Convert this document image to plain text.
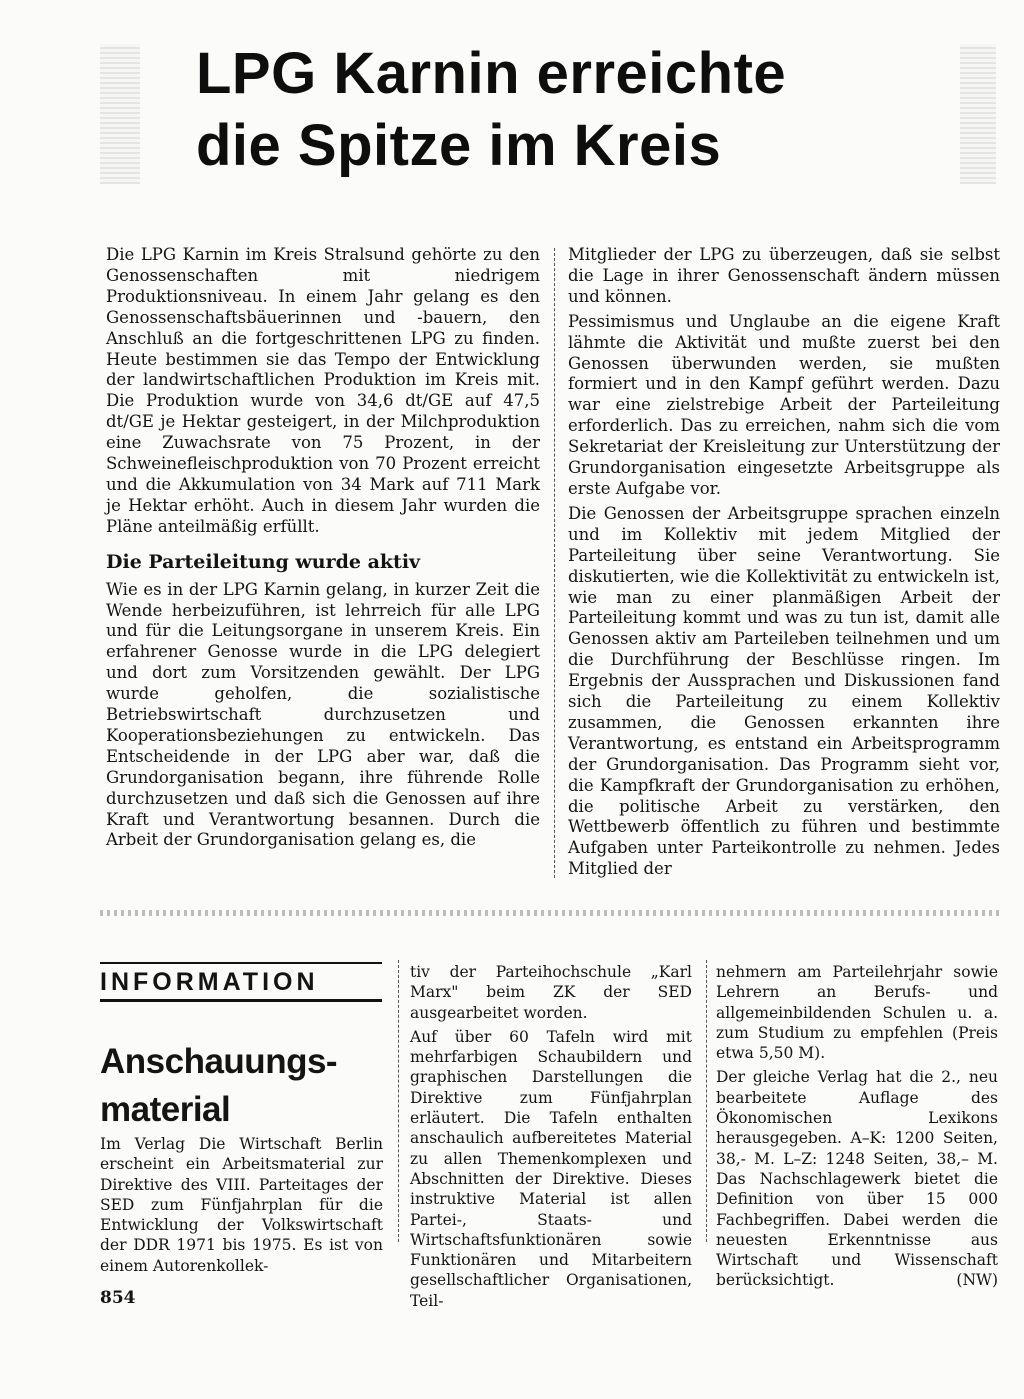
LPG Karnin erreichte
die Spitze im Kreis

Die LPG Karnin im Kreis Stralsund gehörte zu den Genossenschaften mit niedrigem Produktionsniveau. In einem Jahr gelang es den Genossenschaftsbäuerinnen und -bauern, den Anschluß an die fortgeschrittenen LPG zu finden. Heute bestimmen sie das Tempo der Entwicklung der landwirtschaftlichen Produktion im Kreis mit. Die Produktion wurde von 34,6 dt/GE auf 47,5 dt/GE je Hektar gesteigert, in der Milchproduktion eine Zuwachsrate von 75 Prozent, in der Schweinefleischproduktion von 70 Prozent erreicht und die Akkumulation von 34 Mark auf 711 Mark je Hektar erhöht. Auch in diesem Jahr wurden die Pläne anteilmäßig erfüllt.

Die Parteileitung wurde aktiv

Wie es in der LPG Karnin gelang, in kurzer Zeit die Wende herbeizuführen, ist lehrreich für alle LPG und für die Leitungsorgane in unserem Kreis. Ein erfahrener Genosse wurde in die LPG delegiert und dort zum Vorsitzenden gewählt. Der LPG wurde geholfen, die sozialistische Betriebswirtschaft durchzusetzen und Kooperationsbeziehungen zu entwickeln. Das Entscheidende in der LPG aber war, daß die Grundorganisation begann, ihre führende Rolle durchzusetzen und daß sich die Genossen auf ihre Kraft und Verantwortung besannen. Durch die Arbeit der Grundorganisation gelang es, die

Mitglieder der LPG zu überzeugen, daß sie selbst die Lage in ihrer Genossenschaft ändern müssen und können.

Pessimismus und Unglaube an die eigene Kraft lähmte die Aktivität und mußte zuerst bei den Genossen überwunden werden, sie mußten formiert und in den Kampf geführt werden. Dazu war eine zielstrebige Arbeit der Parteileitung erforderlich. Das zu erreichen, nahm sich die vom Sekretariat der Kreisleitung zur Unterstützung der Grundorganisation eingesetzte Arbeitsgruppe als erste Aufgabe vor.

Die Genossen der Arbeitsgruppe sprachen einzeln und im Kollektiv mit jedem Mitglied der Parteileitung über seine Verantwortung. Sie diskutierten, wie die Kollektivität zu entwickeln ist, wie man zu einer planmäßigen Arbeit der Parteileitung kommt und was zu tun ist, damit alle Genossen aktiv am Parteileben teilnehmen und um die Durchführung der Beschlüsse ringen. Im Ergebnis der Aussprachen und Diskussionen fand sich die Parteileitung zu einem Kollektiv zusammen, die Genossen erkannten ihre Verantwortung, es entstand ein Arbeitsprogramm der Grundorganisation. Das Programm sieht vor, die Kampfkraft der Grundorganisation zu erhöhen, die politische Arbeit zu verstärken, den Wettbewerb öffentlich zu führen und bestimmte Aufgaben unter Parteikontrolle zu nehmen. Jedes Mitglied der

INFORMATION
Anschauungs-
material

Im Verlag Die Wirtschaft Berlin erscheint ein Arbeitsmaterial zur Direktive des VIII. Parteitages der SED zum Fünfjahrplan für die Entwicklung der Volkswirtschaft der DDR 1971 bis 1975. Es ist von einem Autorenkollek-

tiv der Parteihochschule „Karl Marx" beim ZK der SED ausgearbeitet worden.

Auf über 60 Tafeln wird mit mehrfarbigen Schaubildern und graphischen Darstellungen die Direktive zum Fünfjahrplan erläutert. Die Tafeln enthalten anschaulich aufbereitetes Material zu allen Themenkomplexen und Abschnitten der Direktive. Dieses instruktive Material ist allen Partei-, Staats- und Wirtschaftsfunktionären sowie Funktionären und Mitarbeitern gesellschaftlicher Organisationen, Teil-

nehmern am Parteilehrjahr sowie Lehrern an Berufs- und allgemeinbildenden Schulen u. a. zum Studium zu empfehlen (Preis etwa 5,50 M).

Der gleiche Verlag hat die 2., neu bearbeitete Auflage des Ökonomischen Lexikons herausgegeben. A–K: 1200 Seiten, 38,- M. L–Z: 1248 Seiten, 38,– M. Das Nachschlagewerk bietet die Definition von über 15 000 Fachbegriffen. Dabei werden die neuesten Erkenntnisse aus Wirtschaft und Wissenschaft berücksichtigt.	(NW)

854
